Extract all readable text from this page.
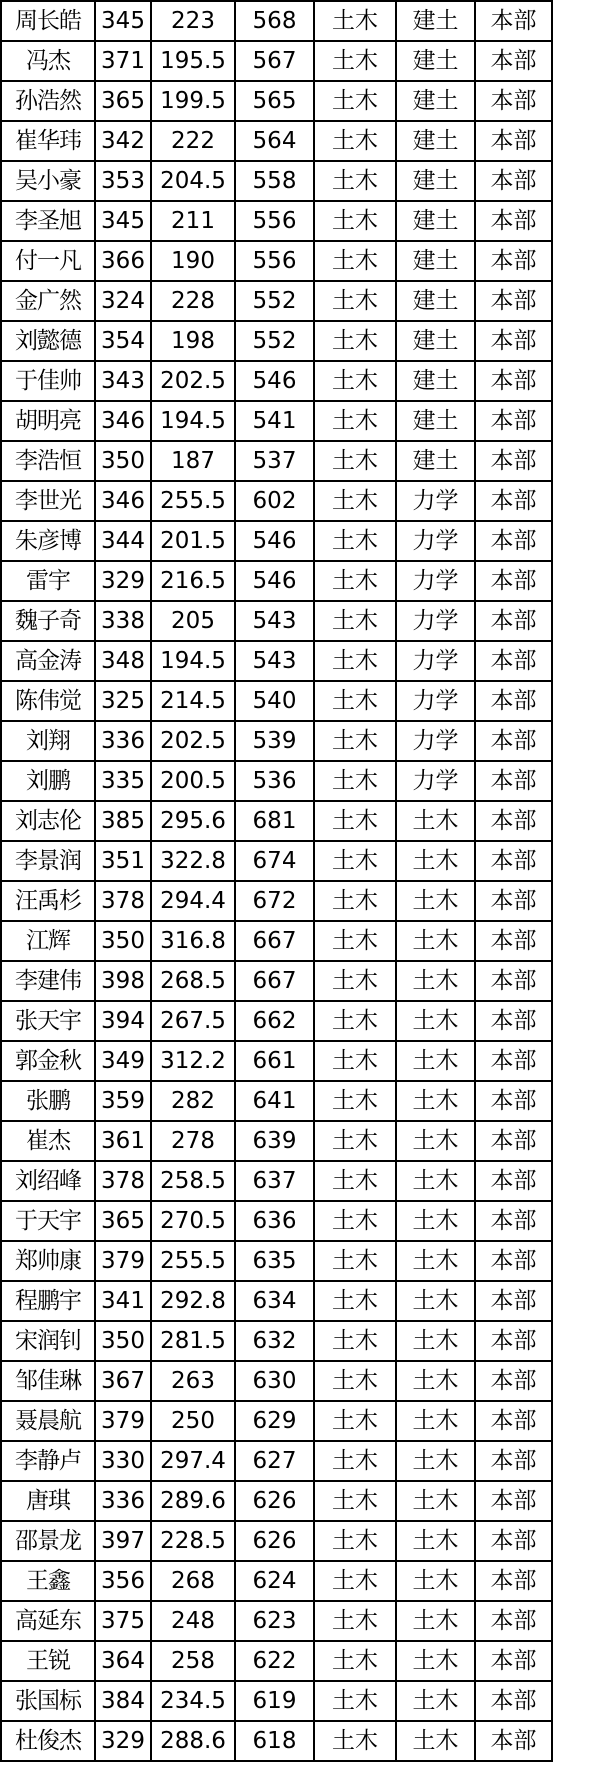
周长皓	345	223	568	土木	建土	本部
冯杰	371	195.5	567	土木	建土	本部
孙浩然	365	199.5	565	土木	建土	本部
崔华玮	342	222	564	土木	建土	本部
吴小豪	353	204.5	558	土木	建土	本部
李圣旭	345	211	556	土木	建土	本部
付一凡	366	190	556	土木	建土	本部
金广然	324	228	552	土木	建土	本部
刘懿德	354	198	552	土木	建土	本部
于佳帅	343	202.5	546	土木	建土	本部
胡明亮	346	194.5	541	土木	建土	本部
李浩恒	350	187	537	土木	建土	本部
李世光	346	255.5	602	土木	力学	本部
朱彦博	344	201.5	546	土木	力学	本部
雷宇	329	216.5	546	土木	力学	本部
魏子奇	338	205	543	土木	力学	本部
高金涛	348	194.5	543	土木	力学	本部
陈伟觉	325	214.5	540	土木	力学	本部
刘翔	336	202.5	539	土木	力学	本部
刘鹏	335	200.5	536	土木	力学	本部
刘志伦	385	295.6	681	土木	土木	本部
李景润	351	322.8	674	土木	土木	本部
汪禹杉	378	294.4	672	土木	土木	本部
江辉	350	316.8	667	土木	土木	本部
李建伟	398	268.5	667	土木	土木	本部
张天宇	394	267.5	662	土木	土木	本部
郭金秋	349	312.2	661	土木	土木	本部
张鹏	359	282	641	土木	土木	本部
崔杰	361	278	639	土木	土木	本部
刘绍峰	378	258.5	637	土木	土木	本部
于天宇	365	270.5	636	土木	土木	本部
郑帅康	379	255.5	635	土木	土木	本部
程鹏宇	341	292.8	634	土木	土木	本部
宋润钊	350	281.5	632	土木	土木	本部
邹佳琳	367	263	630	土木	土木	本部
聂晨航	379	250	629	土木	土木	本部
李静卢	330	297.4	627	土木	土木	本部
唐琪	336	289.6	626	土木	土木	本部
邵景龙	397	228.5	626	土木	土木	本部
王鑫	356	268	624	土木	土木	本部
高延东	375	248	623	土木	土木	本部
王锐	364	258	622	土木	土木	本部
张国标	384	234.5	619	土木	土木	本部
杜俊杰	329	288.6	618	土木	土木	本部
